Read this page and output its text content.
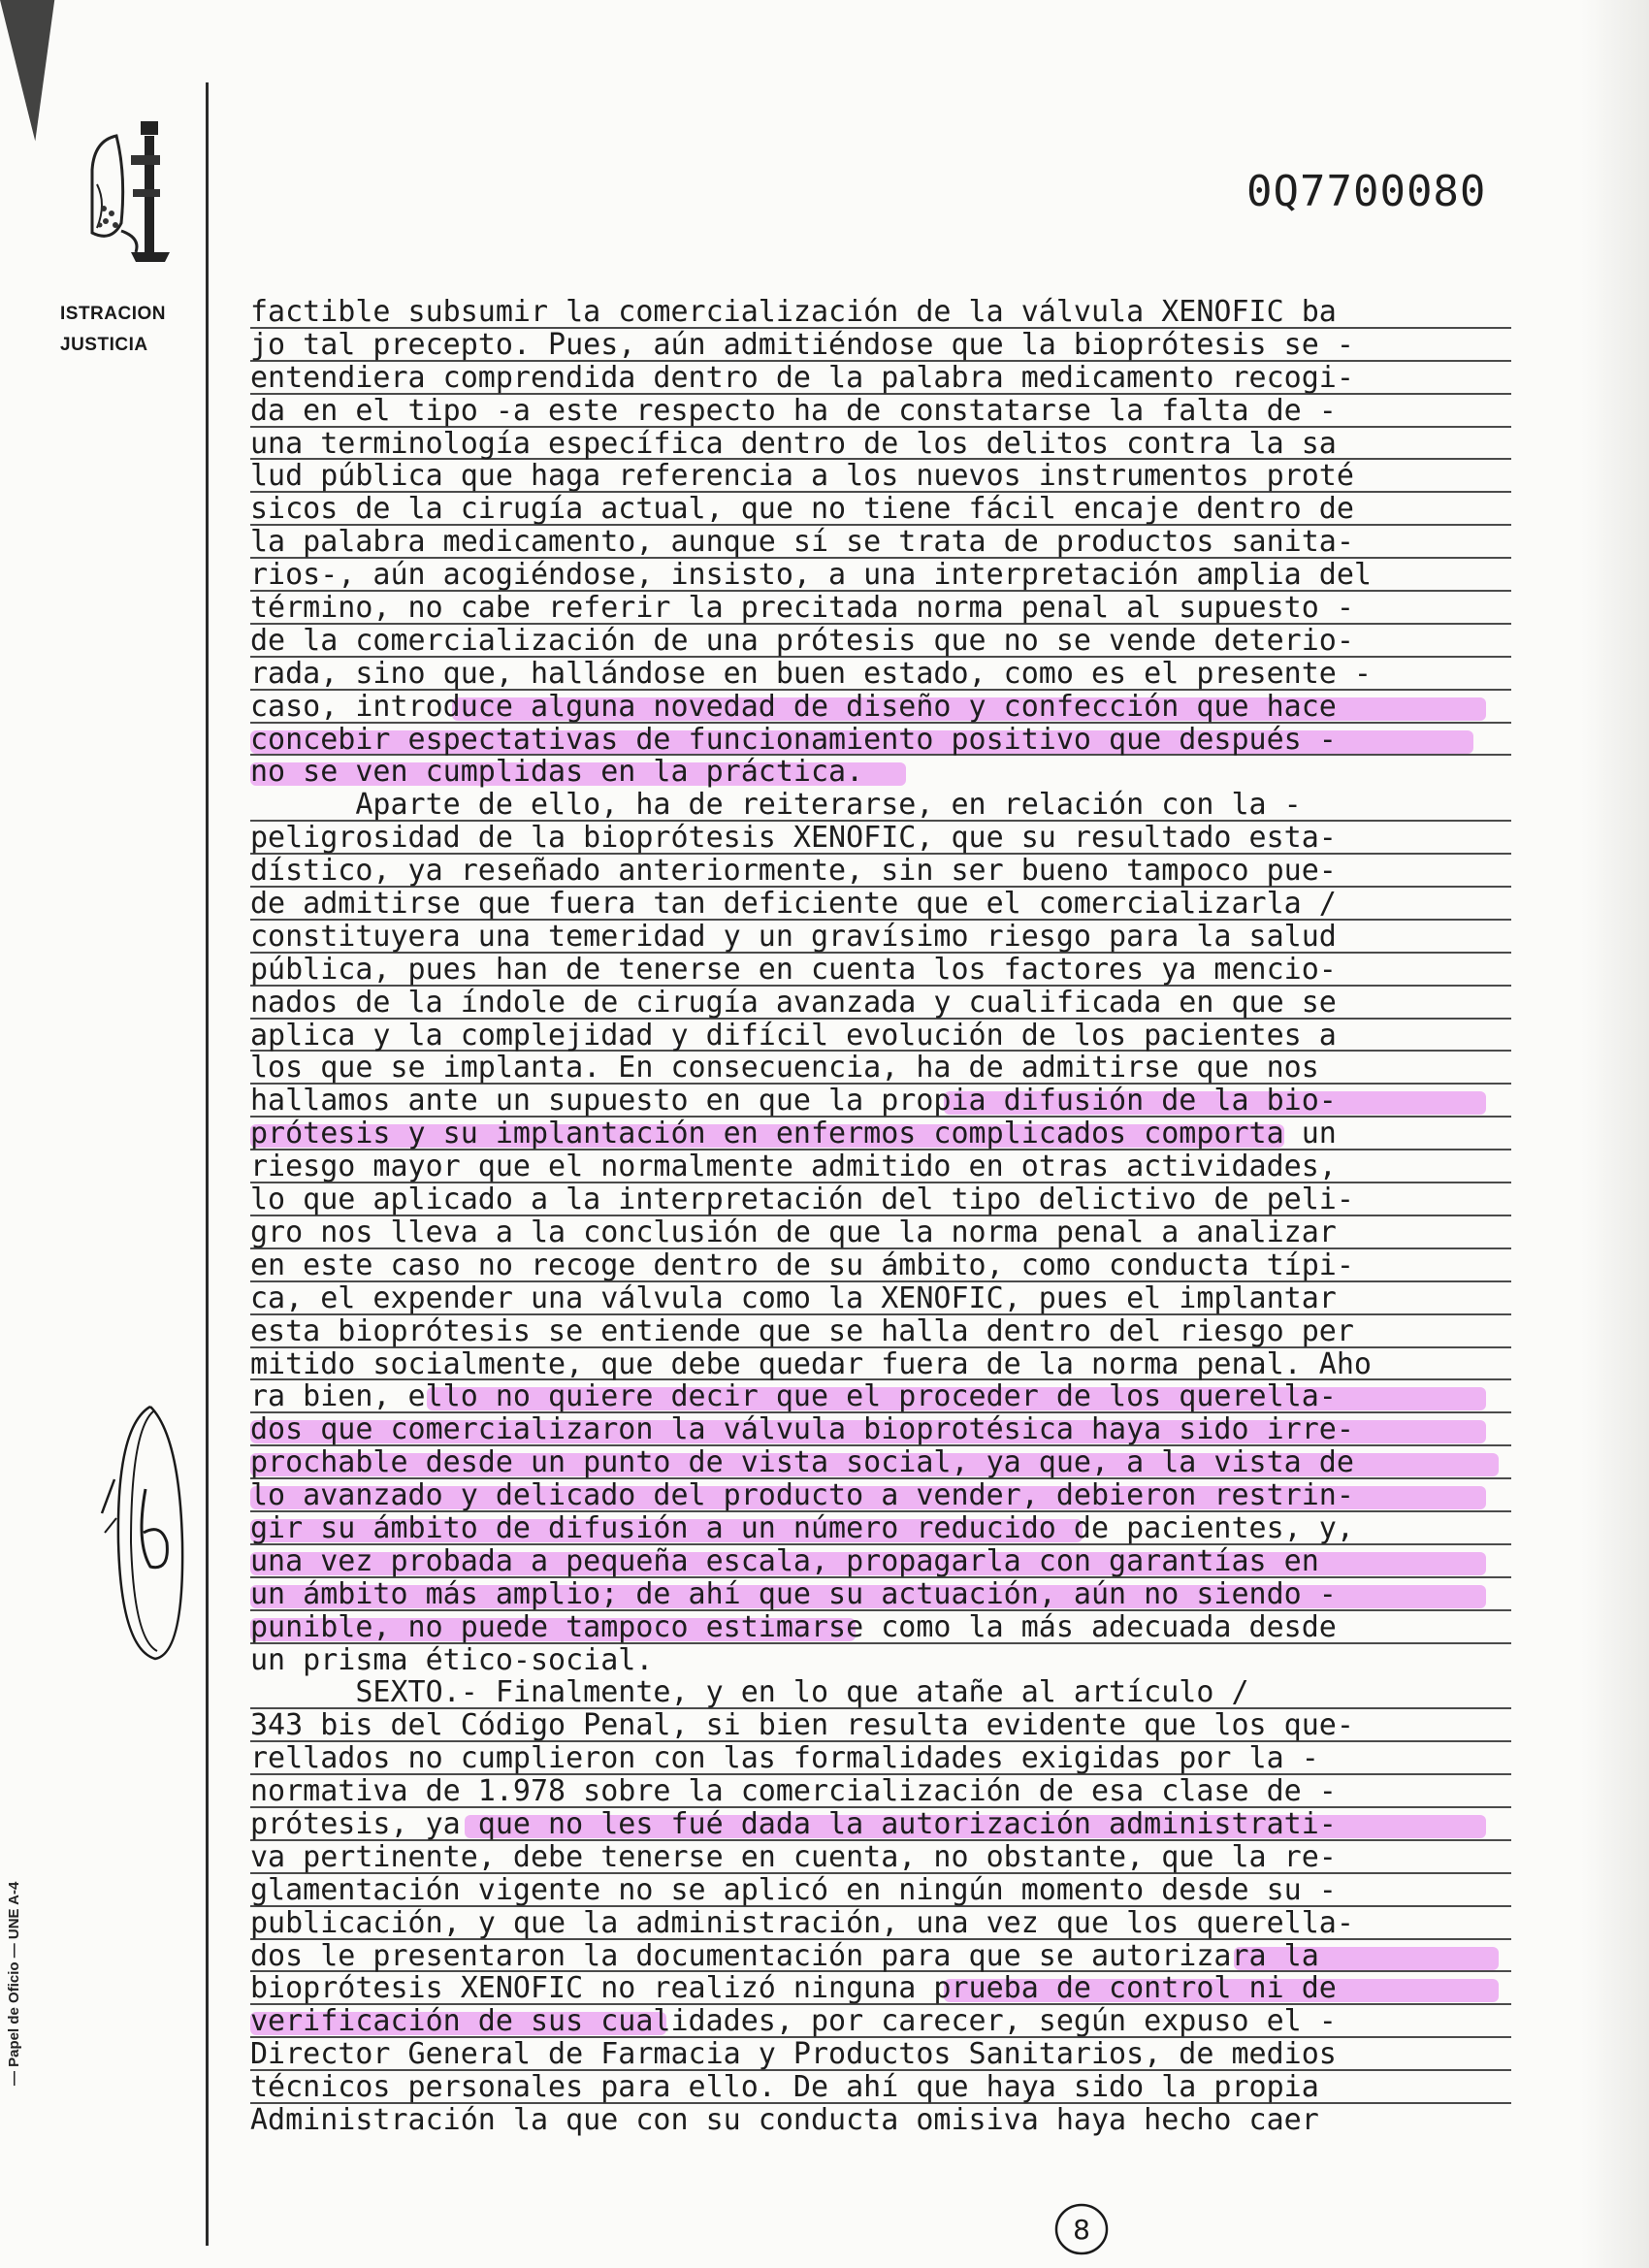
ISTRACION
JUSTICIA
0Q7700080
— Papel de Oficio — UNE A-4
factible subsumir la comercialización de la válvula XENOFIC ba
jo tal precepto. Pues, aún admitiéndose que la bioprótesis se -
entendiera comprendida dentro de la palabra medicamento recogi-
da en el tipo -a este respecto ha de constatarse la falta de -
una terminología específica dentro de los delitos contra la sa
lud pública que haga referencia a los nuevos instrumentos proté
sicos de la cirugía actual, que no tiene fácil encaje dentro de
la palabra medicamento, aunque sí se trata de productos sanita-
rios-, aún acogiéndose, insisto, a una interpretación amplia del
término, no cabe referir la precitada norma penal al supuesto -
de la comercialización de una prótesis que no se vende deterio-
rada, sino que, hallándose en buen estado, como es el presente -
caso, introduce alguna novedad de diseño y confección que hace
concebir espectativas de funcionamiento positivo que después -
no se ven cumplidas en la práctica.
Aparte de ello, ha de reiterarse, en relación con la -
peligrosidad de la bioprótesis XENOFIC, que su resultado esta-
dístico, ya reseñado anteriormente, sin ser bueno tampoco pue-
de admitirse que fuera tan deficiente que el comercializarla /
constituyera una temeridad y un gravísimo riesgo para la salud
pública, pues han de tenerse en cuenta los factores ya mencio-
nados de la índole de cirugía avanzada y cualificada en que se
aplica y la complejidad y difícil evolución de los pacientes a
los que se implanta. En consecuencia, ha de admitirse que nos
hallamos ante un supuesto en que la propia difusión de la bio-
prótesis y su implantación en enfermos complicados comporta un
riesgo mayor que el normalmente admitido en otras actividades,
lo que aplicado a la interpretación del tipo delictivo de peli-
gro nos lleva a la conclusión de que la norma penal a analizar
en este caso no recoge dentro de su ámbito, como conducta típi-
ca, el expender una válvula como la XENOFIC, pues el implantar
esta bioprótesis se entiende que se halla dentro del riesgo per
mitido socialmente, que debe quedar fuera de la norma penal. Aho
ra bien, ello no quiere decir que el proceder de los querella-
dos que comercializaron la válvula bioprotésica haya sido irre-
prochable desde un punto de vista social, ya que, a la vista de
lo avanzado y delicado del producto a vender, debieron restrin-
gir su ámbito de difusión a un número reducido de pacientes, y,
una vez probada a pequeña escala, propagarla con garantías en
un ámbito más amplio; de ahí que su actuación, aún no siendo -
punible, no puede tampoco estimarse como la más adecuada desde
un prisma ético-social.
SEXTO.- Finalmente, y en lo que atañe al artículo /
343 bis del Código Penal, si bien resulta evidente que los que-
rellados no cumplieron con las formalidades exigidas por la -
normativa de 1.978 sobre la comercialización de esa clase de -
prótesis, ya que no les fué dada la autorización administrati-
va pertinente, debe tenerse en cuenta, no obstante, que la re-
glamentación vigente no se aplicó en ningún momento desde su -
publicación, y que la administración, una vez que los querella-
dos le presentaron la documentación para que se autorizara la
bioprótesis XENOFIC no realizó ninguna prueba de control ni de
verificación de sus cualidades, por carecer, según expuso el -
Director General de Farmacia y Productos Sanitarios, de medios
técnicos personales para ello. De ahí que haya sido la propia
Administración la que con su conducta omisiva haya hecho caer
8
